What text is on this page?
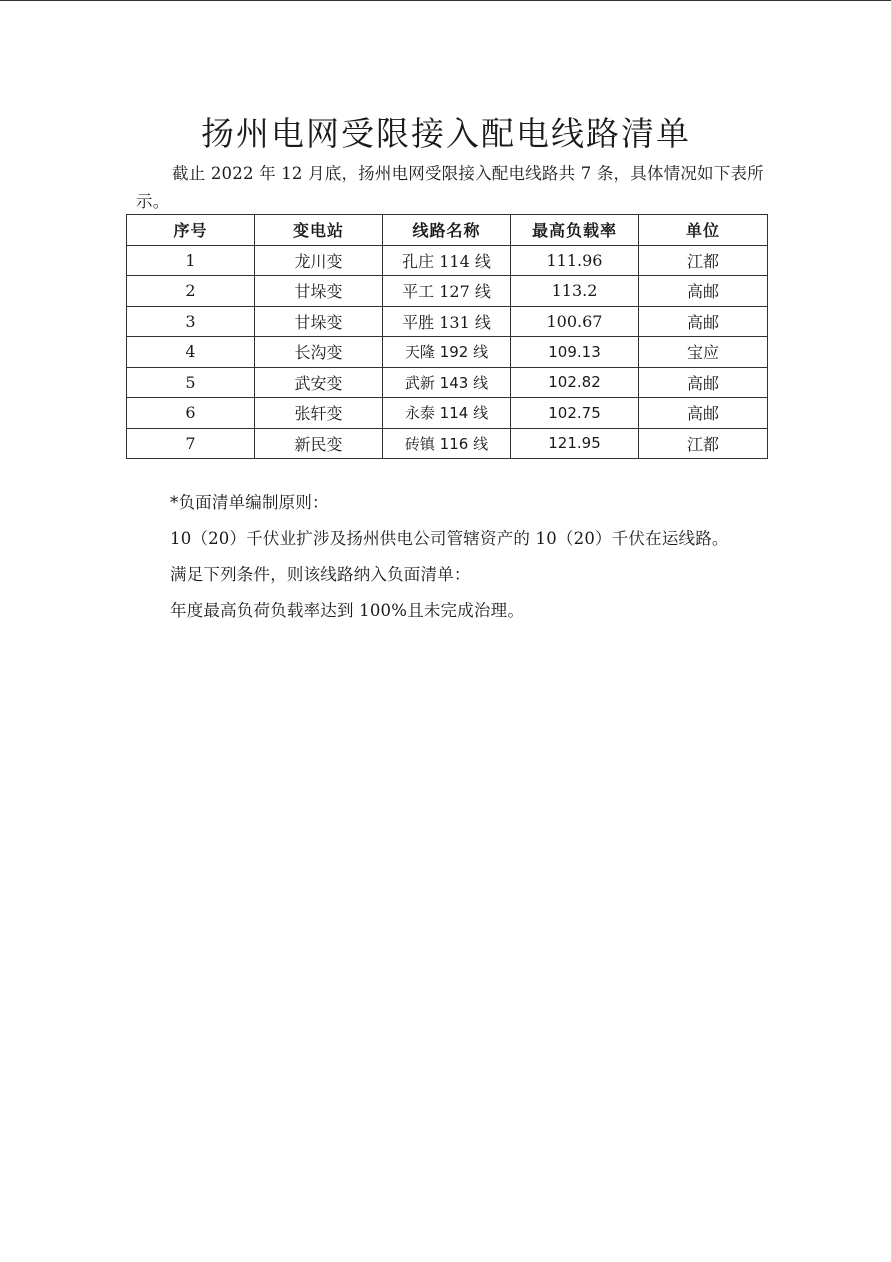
扬州电网受限接入配电线路清单
截止 2022 年 12 月底，扬州电网受限接入配电线路共 7 条，具体情况如下表所示。
序号	变电站	线路名称	最高负载率	单位
1	龙川变	孔庄 114 线	111.96	江都
2	甘垛变	平工 127 线	113.2	高邮
3	甘垛变	平胜 131 线	100.67	高邮
4	长沟变	天隆 192 线	109.13	宝应
5	武安变	武新 143 线	102.82	高邮
6	张轩变	永泰 114 线	102.75	高邮
7	新民变	砖镇 116 线	121.95	江都
*负面清单编制原则：
10（20）千伏业扩涉及扬州供电公司管辖资产的 10（20）千伏在运线路。
满足下列条件，则该线路纳入负面清单：
年度最高负荷负载率达到 100%且未完成治理。
